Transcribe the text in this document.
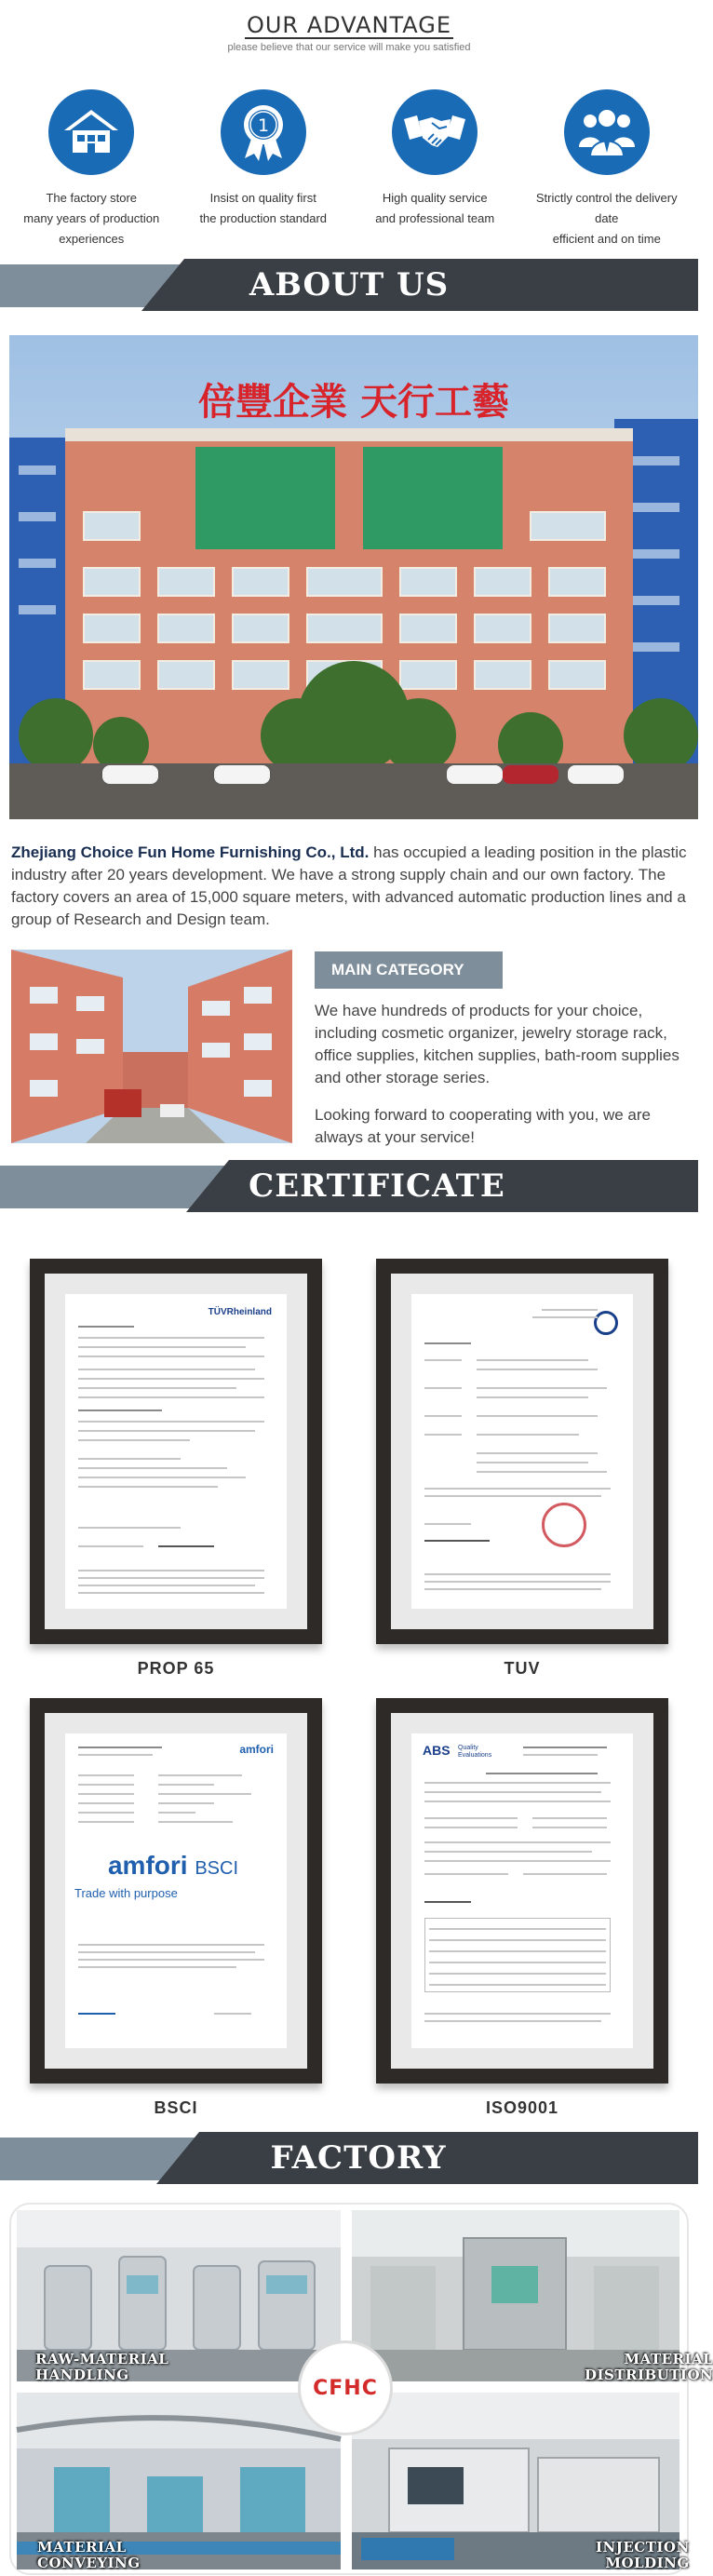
OUR ADVANTAGE
please believe that our service will make you satisfied
The factory store
many years of production
experiences
1
Insist on quality first
the production standard
High quality service
and professional team
Strictly control the delivery date
efficient and on time
ABOUT US
倍豐企業 天行工藝
Zhejiang Choice Fun Home Furnishing Co., Ltd. has occupied a leading position in the plastic industry after 20 years development. We have a strong supply chain and our own factory. The factory covers an area of 15,000 square meters, with advanced automatic production lines and a group of Research and Design team.
MAIN CATEGORY
We have hundreds of products for your choice, including cosmetic organizer, jewelry storage rack, office supplies, kitchen supplies, bath-room supplies and other storage series.
Looking forward to cooperating with you, we are always at your service!
CERTIFICATE
TÜVRheinland
PROP 65	TUV
amfori
amfori BSCI
Trade with purpose
BSCI
ABS Quality Evaluations
ISO9001
FACTORY
RAW-MATERIAL
HANDLING
MATERIAL
DISTRIBUTION
MATERIAL
CONVEYING
INJECTION
MOLDING
CFHC
